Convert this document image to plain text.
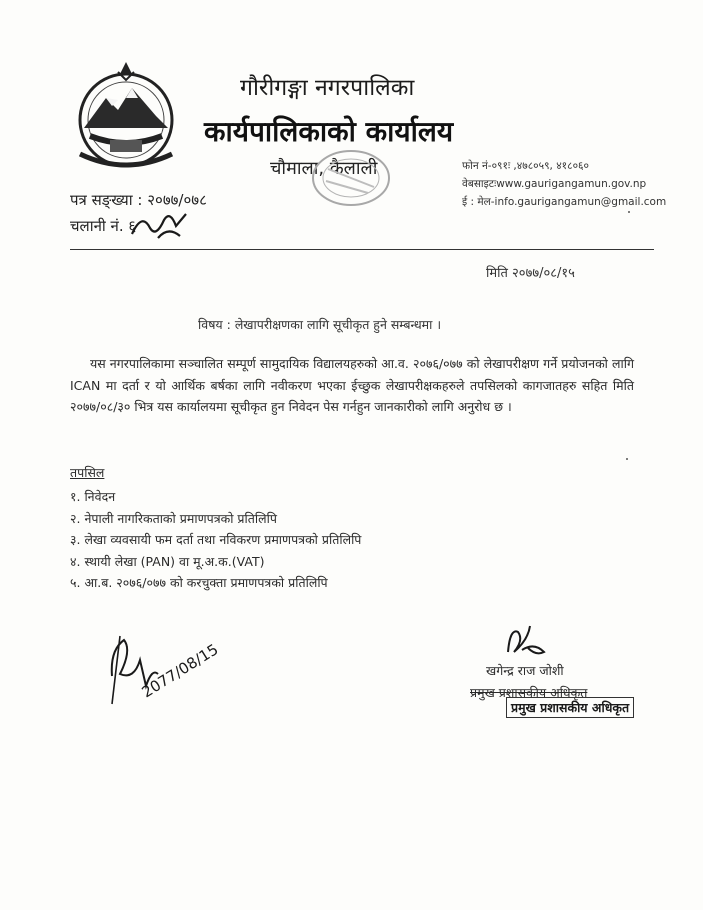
गौरीगङ्गा नगरपालिका
कार्यपालिकाको कार्यालय
चौमाला, कैलाली	फोन नं-०९१ः ,४७८०५९, ४१८०६०
वेबसाइटःwww.gaurigangamun.gov.np
ई : मेल-info.gaurigangamun@gmail.com
पत्र सङ्ख्या : २०७७/०७८
चलानी नं. ६
मिति २०७७/०८/१५
विषय : लेखापरीक्षणका लागि सूचीकृत हुने सम्बन्धमा ।
यस नगरपालिकामा सञ्चालित सम्पूर्ण सामुदायिक विद्यालयहरुको आ.व. २०७६/०७७ को लेखापरीक्षण गर्ने प्रयोजनको लागि ICAN मा दर्ता र यो आर्थिक बर्षका लागि नवीकरण भएका ईच्छुक लेखापरीक्षकहरुले तपसिलको कागजातहरु सहित मिति २०७७/०८/३० भित्र यस कार्यालयमा सूचीकृत हुन निवेदन पेस गर्नहुन जानकारीको लागि अनुरोध छ ।
तपसिल
१. निवेदन
२. नेपाली नागरिकताको प्रमाणपत्रको प्रतिलिपि
३. लेखा व्यवसायी फम दर्ता तथा नविकरण प्रमाणपत्रको प्रतिलिपि
४. स्थायी लेखा (PAN) वा मू.अ.क.(VAT)
५. आ.ब. २०७६/०७७ को करचुक्ता प्रमाणपत्रको प्रतिलिपि
2077/08/15	खगेन्द्र राज जोशी
प्रमुख प्रशासकीय अधिकृत
प्रमुख प्रशासकीय अधिकृत
